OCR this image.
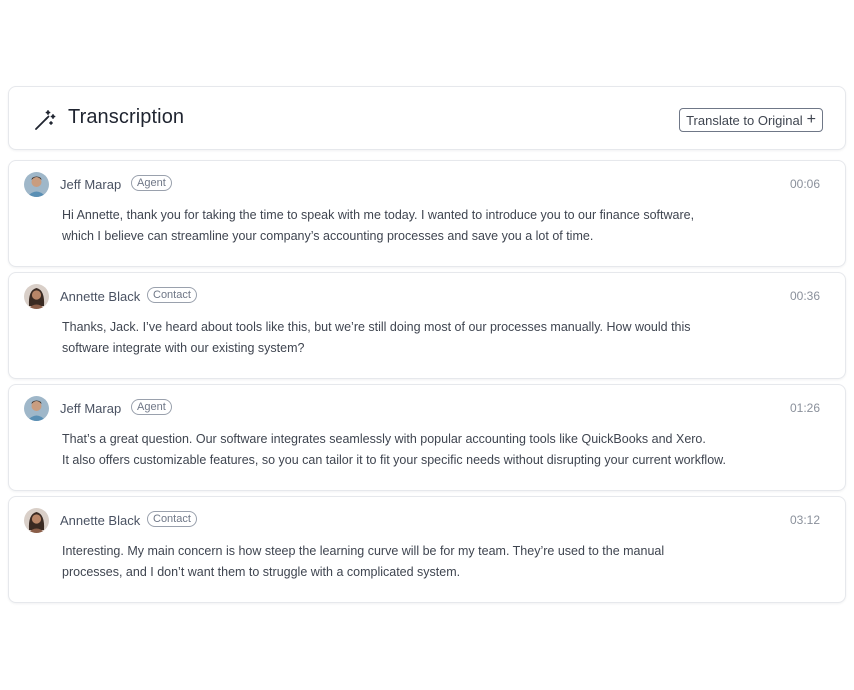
Transcription	Translate to Original +
Jeff Marap	Agent	00:06
Hi Annette, thank you for taking the time to speak with me today. I wanted to introduce you to our finance software,
which I believe can streamline your company’s accounting processes and save you a lot of time.
Annette Black	Contact	00:36
Thanks, Jack. I’ve heard about tools like this, but we’re still doing most of our processes manually. How would this
software integrate with our existing system?
Jeff Marap	Agent	01:26
That’s a great question. Our software integrates seamlessly with popular accounting tools like QuickBooks and Xero.
It also offers customizable features, so you can tailor it to fit your specific needs without disrupting your current workflow.
Annette Black	Contact	03:12
Interesting. My main concern is how steep the learning curve will be for my team. They’re used to the manual
processes, and I don’t want them to struggle with a complicated system.
